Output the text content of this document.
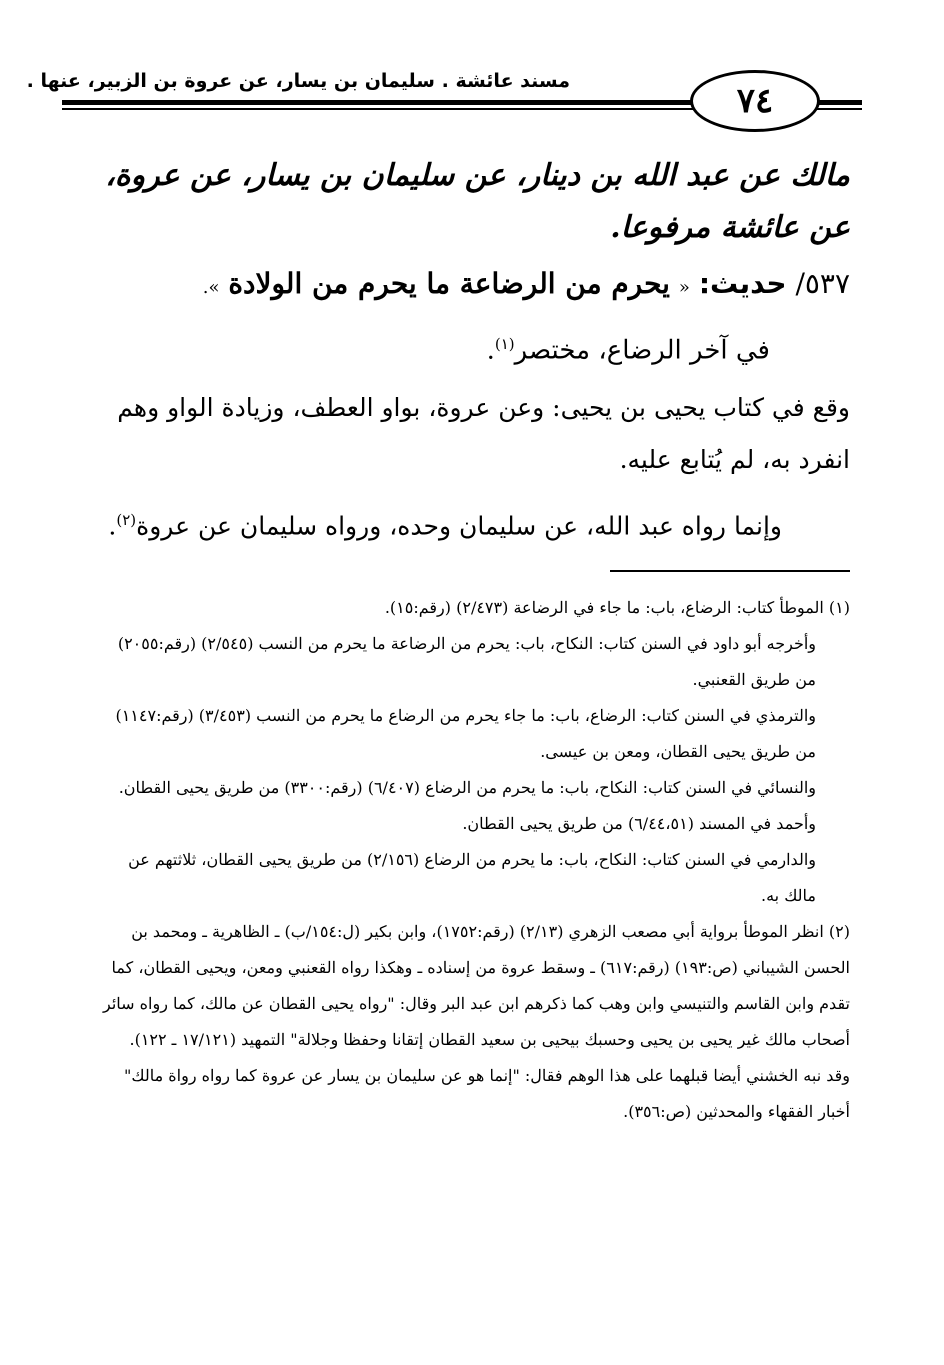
مسند عائشة . سليمان بن يسار، عن عروة بن الزبير، عنها .	٧٤
مالك عن عبد الله بن دينار، عن سليمان بن يسار، عن عروة، عن عائشة مرفوعا.
٥٣٧/ حديث: « يحرم من الرضاعة ما يحرم من الولادة ».
في آخر الرضاع، مختصر$^{(١)}$.
وقع في كتاب يحيى بن يحيى: وعن عروة، بواو العطف، وزيادة الواو وهم انفرد به، لم يُتابع عليه.
وإنما رواه عبد الله، عن سليمان وحده، ورواه سليمان عن عروة$^{(٢)}$.

(١) الموطأ كتاب: الرضاع، باب: ما جاء في الرضاعة (٢/٤٧٣) (رقم:١٥).

وأخرجه أبو داود في السنن كتاب: النكاح، باب: يحرم من الرضاعة ما يحرم من النسب (٢/٥٤٥) (رقم:٢٠٥٥) من طريق القعنبي.

والترمذي في السنن كتاب: الرضاع، باب: ما جاء يحرم من الرضاع ما يحرم من النسب (٣/٤٥٣) (رقم:١١٤٧) من طريق يحيى القطان، ومعن بن عيسى.

والنسائي في السنن كتاب: النكاح، باب: ما يحرم من الرضاع (٦/٤٠٧) (رقم:٣٣٠٠) من طريق يحيى القطان.

وأحمد في المسند (٦/٤٤،٥١) من طريق يحيى القطان.

والدارمي في السنن كتاب: النكاح، باب: ما يحرم من الرضاع (٢/١٥٦) من طريق يحيى القطان، ثلاثتهم عن مالك به.

(٢) انظر الموطأ برواية أبي مصعب الزهري (٢/١٣) (رقم:١٧٥٢)، وابن بكير (ل:١٥٤/ب) ـ الظاهرية ـ ومحمد بن الحسن الشيباني (ص:١٩٣) (رقم:٦١٧) ـ وسقط عروة من إسناده ـ وهكذا رواه القعنبي ومعن، ويحيى القطان، كما تقدم وابن القاسم والتنيسي وابن وهب كما ذكرهم ابن عبد البر وقال: "رواه يحيى القطان عن مالك، كما رواه سائر أصحاب مالك غير يحيى بن يحيى وحسبك بيحيى بن سعيد القطان إتقانا وحفظا وجلالة" التمهيد (١٧/١٢١ ـ ١٢٢).

وقد نبه الخشني أيضا قبلهما على هذا الوهم فقال: "إنما هو عن سليمان بن يسار عن عروة كما رواه رواة مالك" أخبار الفقهاء والمحدثين (ص:٣٥٦).
